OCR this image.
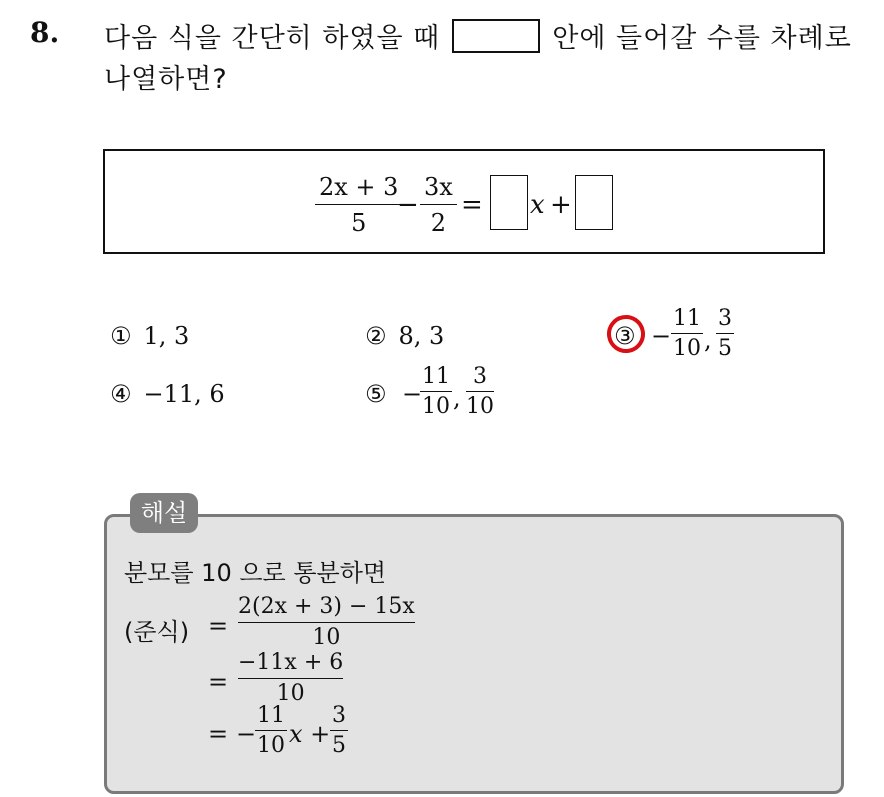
8. 다음 식을 간단히 하였을 때	안에 들어갈 수를 차례로
나열하면?
$\frac{2x + 3}{5}$
− $\frac{3x}{2} = x$ +
① 1, 3	② 8, 3	③ − $\frac{11}{10}$ , $\frac{3}{5}$
④ −11, 6	⑤ −
$\frac{11}{10}$ , $\frac{3}{10}$
해설
분모를 10 으로 통분하면
(준식) = $\frac{2(2x + 3) - 15x}{10}$
= $\frac{-11x + 6}{10}$
= −
$\frac{11}{10}$ $x + \frac{3}{5}$
